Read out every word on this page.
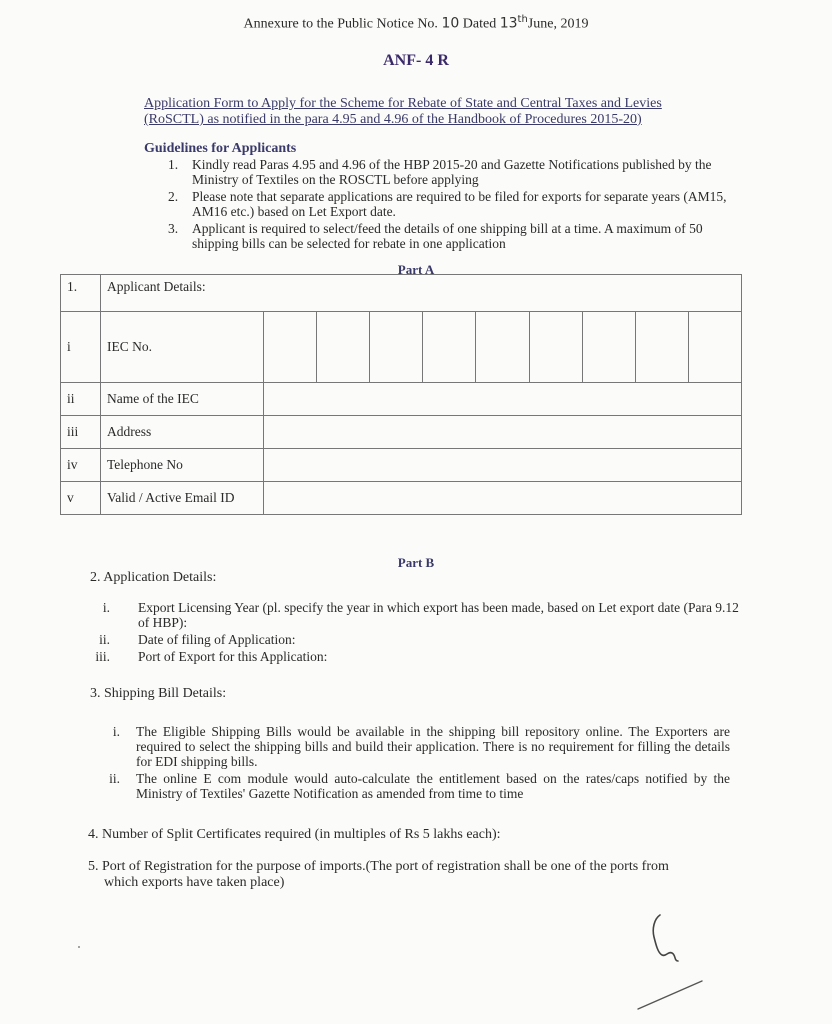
Annexure to the Public Notice No. 10 Dated 13thJune, 2019
ANF- 4 R
Application Form to Apply for the Scheme for Rebate of State and Central Taxes and Levies
(RoSCTL) as notified in the para 4.95 and 4.96 of the Handbook of Procedures 2015-20)
Guidelines for Applicants
1. Kindly read Paras 4.95 and 4.96 of the HBP 2015-20 and Gazette Notifications published by the Ministry of Textiles on the ROSCTL before applying
2. Please note that separate applications are required to be filed for exports for separate years (AM15, AM16 etc.) based on Let Export date.
3. Applicant is required to select/feed the details of one shipping bill at a time. A maximum of 50 shipping bills can be selected for rebate in one application
Part A
1.	Applicant Details:	
i	IEC No.	

ii	Name of the IEC	
iii	Address	
iv	Telephone No	
v	Valid / Active Email ID	
Part B
2. Application Details:
i. Export Licensing Year (pl. specify the year in which export has been made, based on Let export date (Para 9.12 of HBP):
ii. Date of filing of Application:
iii. Port of Export for this Application:
3. Shipping Bill Details:
i. The Eligible Shipping Bills would be available in the shipping bill repository online. The Exporters are required to select the shipping bills and build their application. There is no requirement for filling the details for EDI shipping bills.
ii. The online E com module would auto-calculate the entitlement based on the rates/caps notified by the Ministry of Textiles' Gazette Notification as amended from time to time
4. Number of Split Certificates required (in multiples of Rs 5 lakhs each):
5. Port of Registration for the purpose of imports.(The port of registration shall be one of the ports from
which exports have taken place)
